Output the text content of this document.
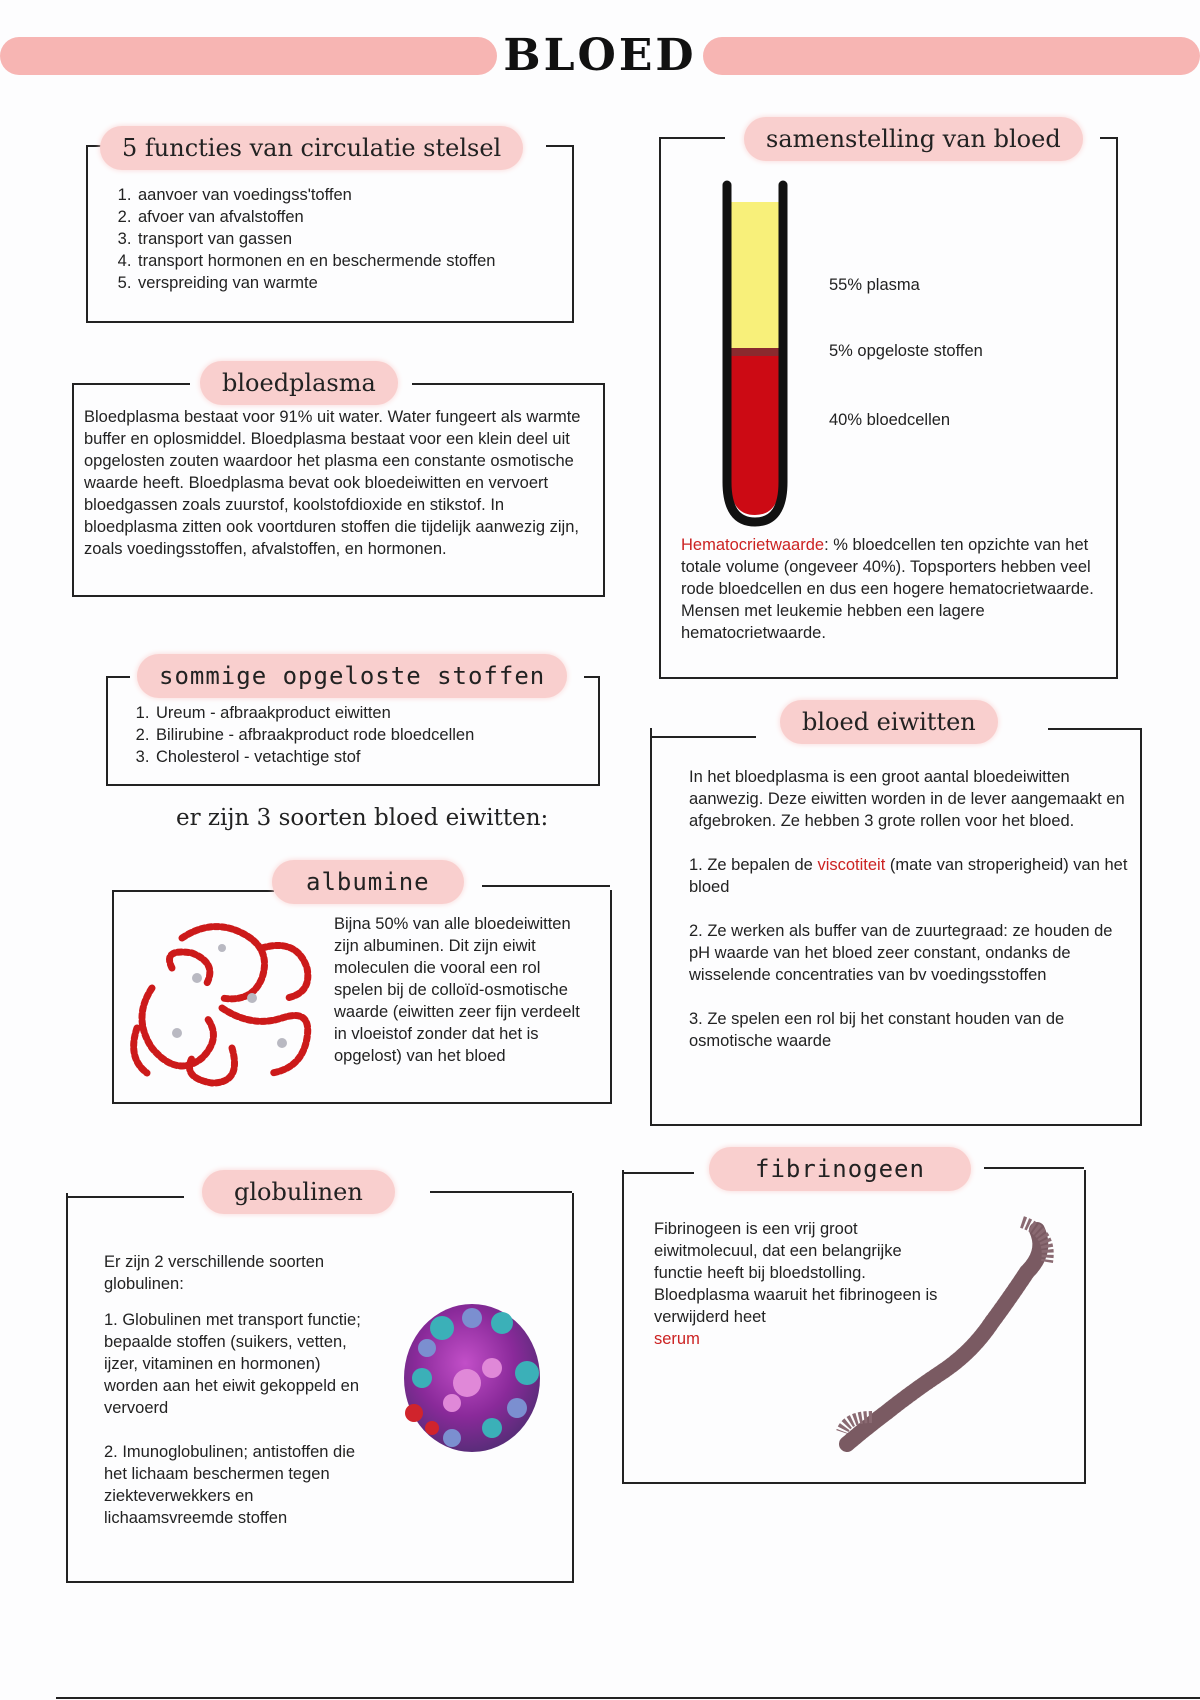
BLOED
5 functies van circulatie stelsel
1. aanvoer van voedingss'toffen
2. afvoer van afvalstoffen
3. transport van gassen
4. transport hormonen en en beschermende stoffen
5. verspreiding van warmte
samenstelling van bloed
55% plasma
5% opgeloste stoffen
40% bloedcellen
Hematocrietwaarde: % bloedcellen ten opzichte van het totale volume (ongeveer 40%). Topsporters hebben veel rode bloedcellen en dus een hogere hematocrietwaarde. Mensen met leukemie hebben een lagere hematocrietwaarde.
bloedplasma
Bloedplasma bestaat voor 91% uit water. Water fungeert als warmte buffer en oplosmiddel. Bloedplasma bestaat voor een klein deel uit opgelosten zouten waardoor het plasma een constante osmotische waarde heeft. Bloedplasma bevat ook bloedeiwitten en vervoert bloedgassen zoals zuurstof, koolstofdioxide en stikstof. In bloedplasma zitten ook voortduren stoffen die tijdelijk aanwezig zijn, zoals voedingsstoffen, afvalstoffen, en hormonen.
sommige opgeloste stoffen
1. Ureum - afbraakproduct eiwitten
2. Bilirubine - afbraakproduct rode bloedcellen
3. Cholesterol - vetachtige stof
er zijn 3 soorten bloed eiwitten:
bloed eiwitten

In het bloedplasma is een groot aantal bloedeiwitten aanwezig. Deze eiwitten worden in de lever aangemaakt en afgebroken. Ze hebben 3 grote rollen voor het bloed.

1. Ze bepalen de viscotiteit (mate van stroperigheid) van het bloed

2. Ze werken als buffer van de zuurtegraad: ze houden de pH waarde van het bloed zeer constant, ondanks de wisselende concentraties van bv voedingsstoffen

3. Ze spelen een rol bij het constant houden van de osmotische waarde

albumine
Bijna 50% van alle bloedeiwitten zijn albuminen. Dit zijn eiwit moleculen die vooral een rol spelen bij de colloïd-osmotische waarde (eiwitten zeer fijn verdeelt in vloeistof zonder dat het is opgelost) van het bloed
globulinen

Er zijn 2 verschillende soorten globulinen:

1. Globulinen met transport functie; bepaalde stoffen (suikers, vetten, ijzer, vitaminen en hormonen) worden aan het eiwit gekoppeld en vervoerd

2. Imunoglobulinen; antistoffen die het lichaam beschermen tegen ziekteverwekkers en lichaamsvreemde stoffen

fibrinogeen
Fibrinogeen is een vrij groot eiwitmolecuul, dat een belangrijke functie heeft bij bloedstolling. Bloedplasma waaruit het fibrinogeen is verwijderd heet
serum
